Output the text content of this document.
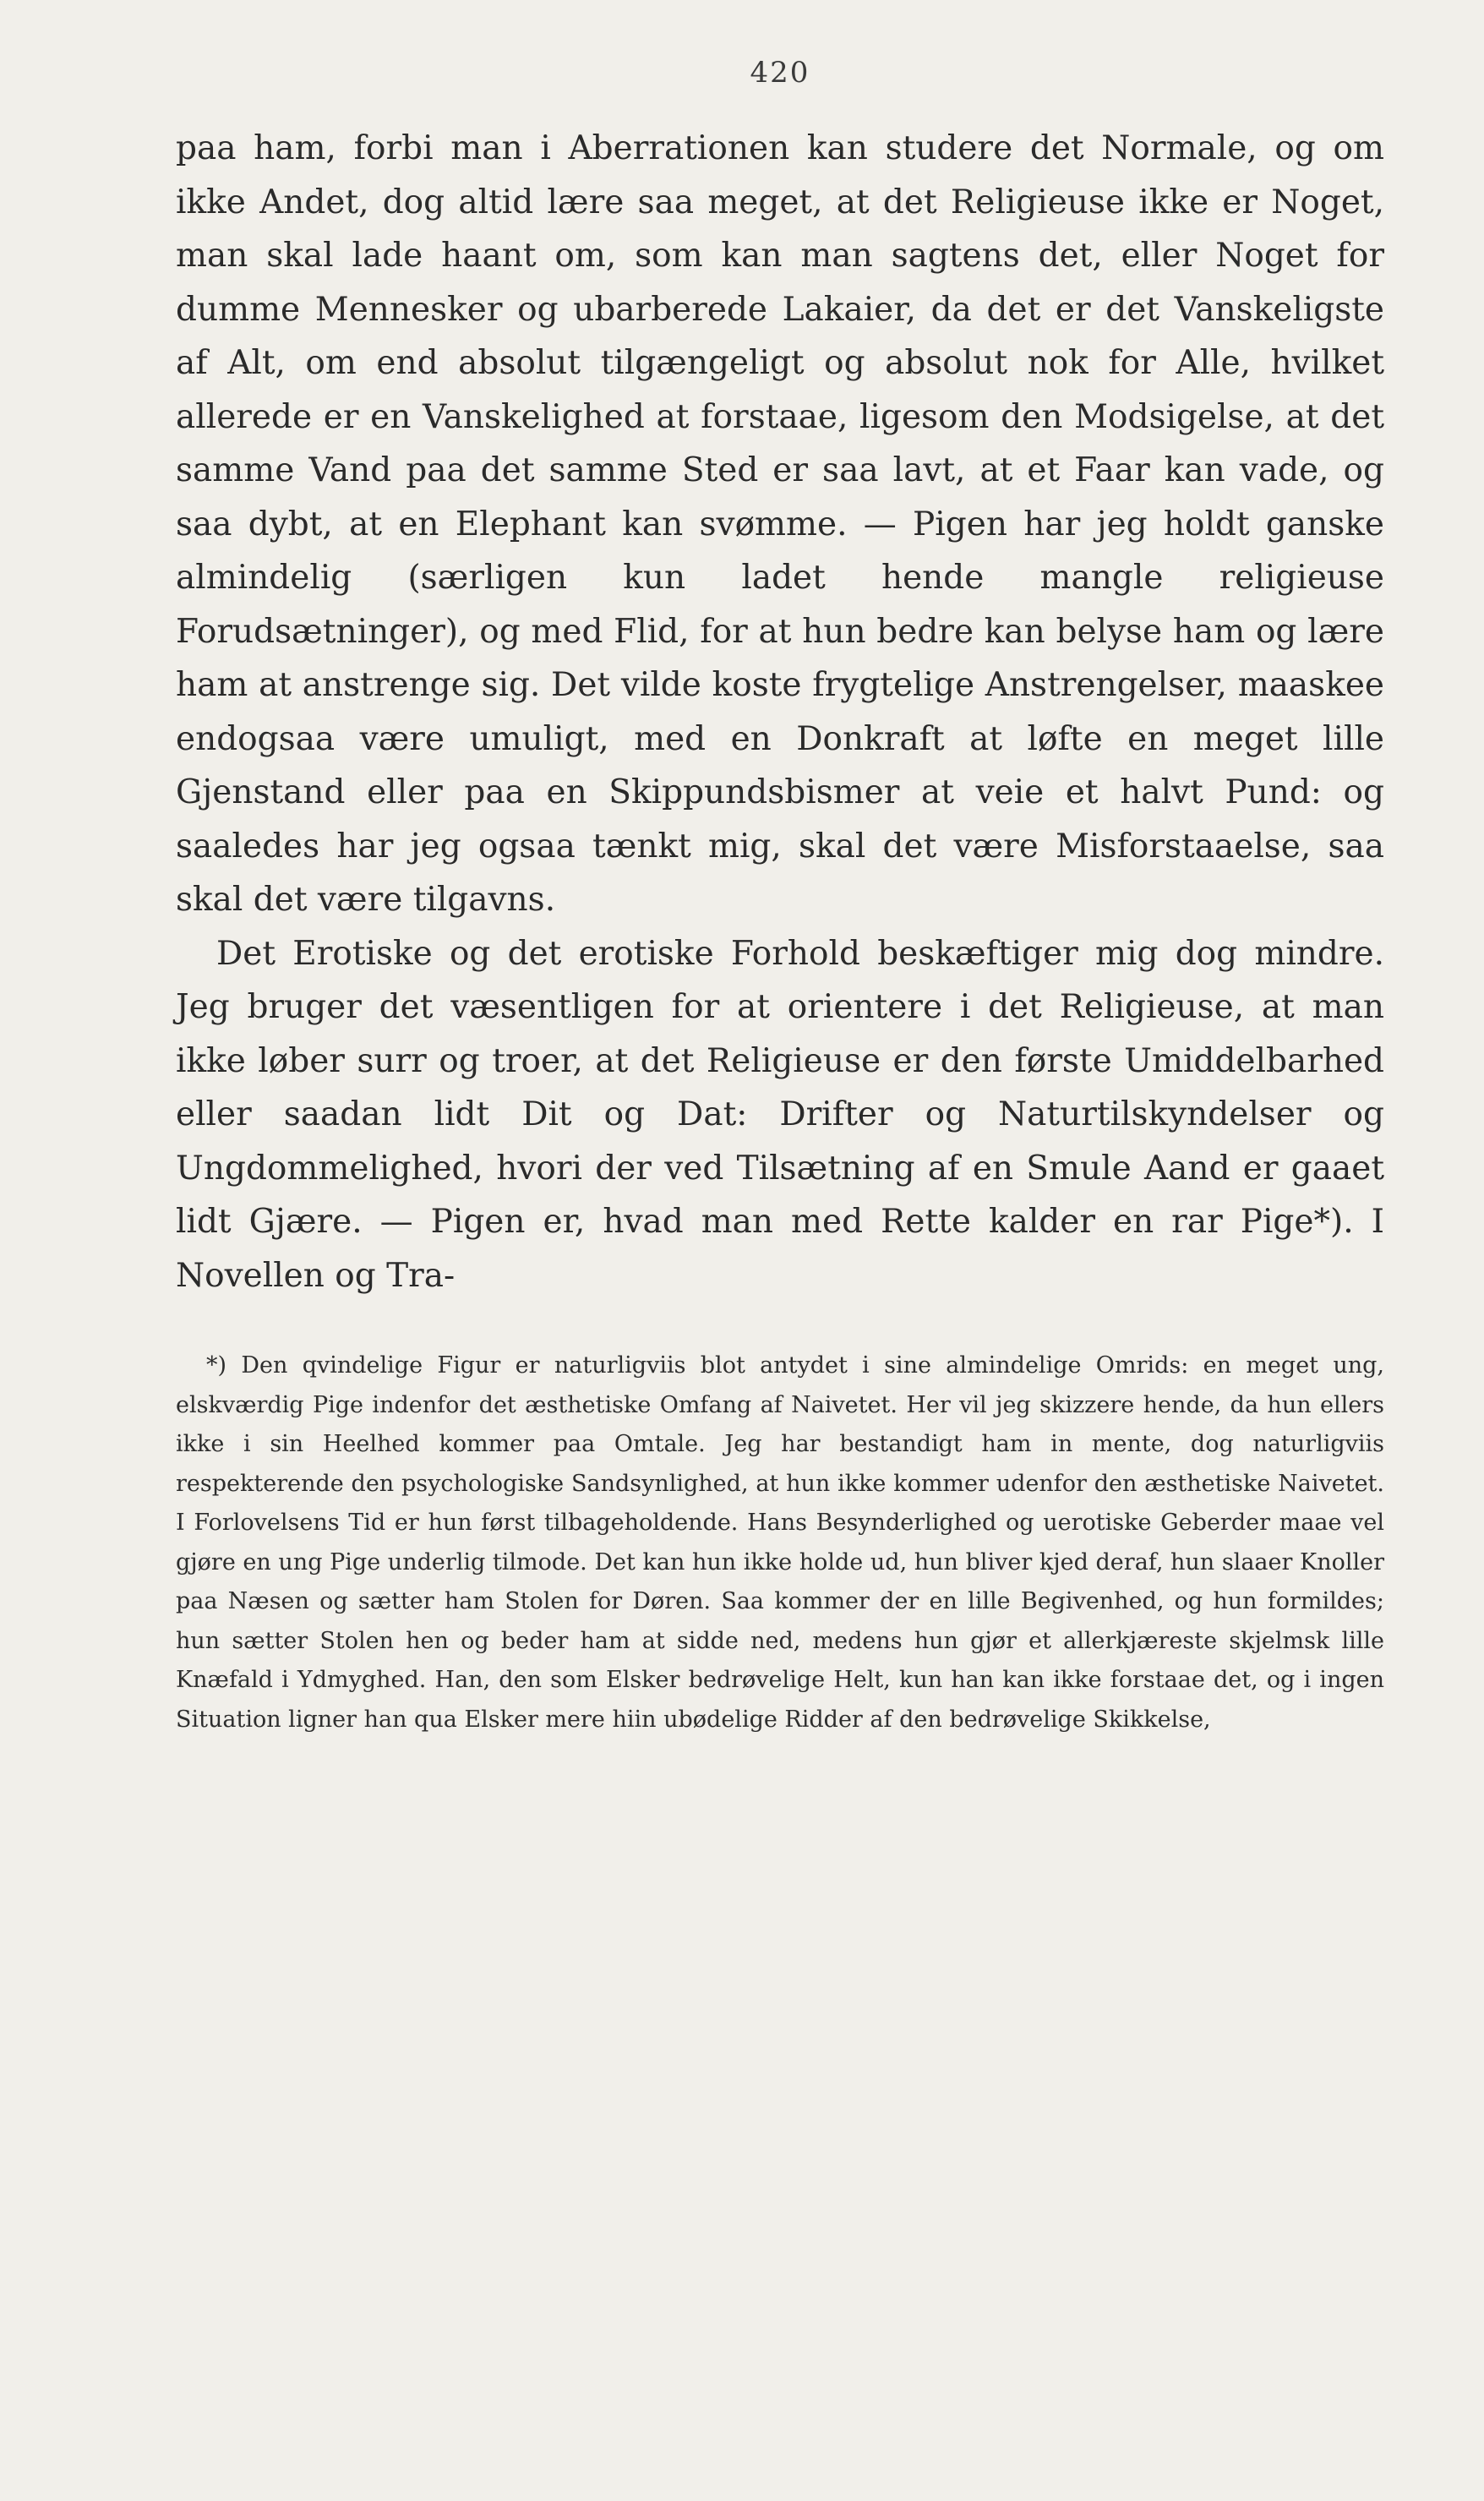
420

paa ham, forbi man i Aberrationen kan studere det Normale, og om ikke Andet, dog altid lære saa meget, at det Religieuse ikke er Noget, man skal lade haant om, som kan man sagtens det, eller Noget for dumme Mennesker og ubarberede Lakaier, da det er det Vanskeligste af Alt, om end absolut tilgængeligt og absolut nok for Alle, hvilket allerede er en Vanskelighed at forstaae, ligesom den Modsigelse, at det samme Vand paa det samme Sted er saa lavt, at et Faar kan vade, og saa dybt, at en Elephant kan svømme. — Pigen har jeg holdt ganske almindelig (særligen kun ladet hende mangle religieuse Forudsætninger), og med Flid, for at hun bedre kan belyse ham og lære ham at anstrenge sig. Det vilde koste frygtelige Anstrengelser, maaskee endogsaa være umuligt, med en Donkraft at løfte en meget lille Gjenstand eller paa en Skippundsbismer at veie et halvt Pund: og saaledes har jeg ogsaa tænkt mig, skal det være Misforstaaelse, saa skal det være tilgavns.

Det Erotiske og det erotiske Forhold beskæftiger mig dog mindre. Jeg bruger det væsentligen for at orientere i det Religieuse, at man ikke løber surr og troer, at det Religieuse er den første Umiddelbarhed eller saadan lidt Dit og Dat: Drifter og Naturtilskyndelser og Ungdommelighed, hvori der ved Tilsætning af en Smule Aand er gaaet lidt Gjære. — Pigen er, hvad man med Rette kalder en rar Pige*). I Novellen og Tra-

*) Den qvindelige Figur er naturligviis blot antydet i sine almindelige Omrids: en meget ung, elskværdig Pige indenfor det æsthetiske Omfang af Naivetet. Her vil jeg skizzere hende, da hun ellers ikke i sin Heelhed kommer paa Omtale. Jeg har bestandigt ham in mente, dog naturligviis respekterende den psychologiske Sandsynlighed, at hun ikke kommer udenfor den æsthetiske Naivetet. I Forlovelsens Tid er hun først tilbageholdende. Hans Besynderlighed og uerotiske Geberder maae vel gjøre en ung Pige underlig tilmode. Det kan hun ikke holde ud, hun bliver kjed deraf, hun slaaer Knoller paa Næsen og sætter ham Stolen for Døren. Saa kommer der en lille Begivenhed, og hun formildes; hun sætter Stolen hen og beder ham at sidde ned, medens hun gjør et allerkjæreste skjelmsk lille Knæfald i Ydmyghed. Han, den som Elsker bedrøvelige Helt, kun han kan ikke forstaae det, og i ingen Situation ligner han qua Elsker mere hiin ubødelige Ridder af den bedrøvelige Skikkelse,
